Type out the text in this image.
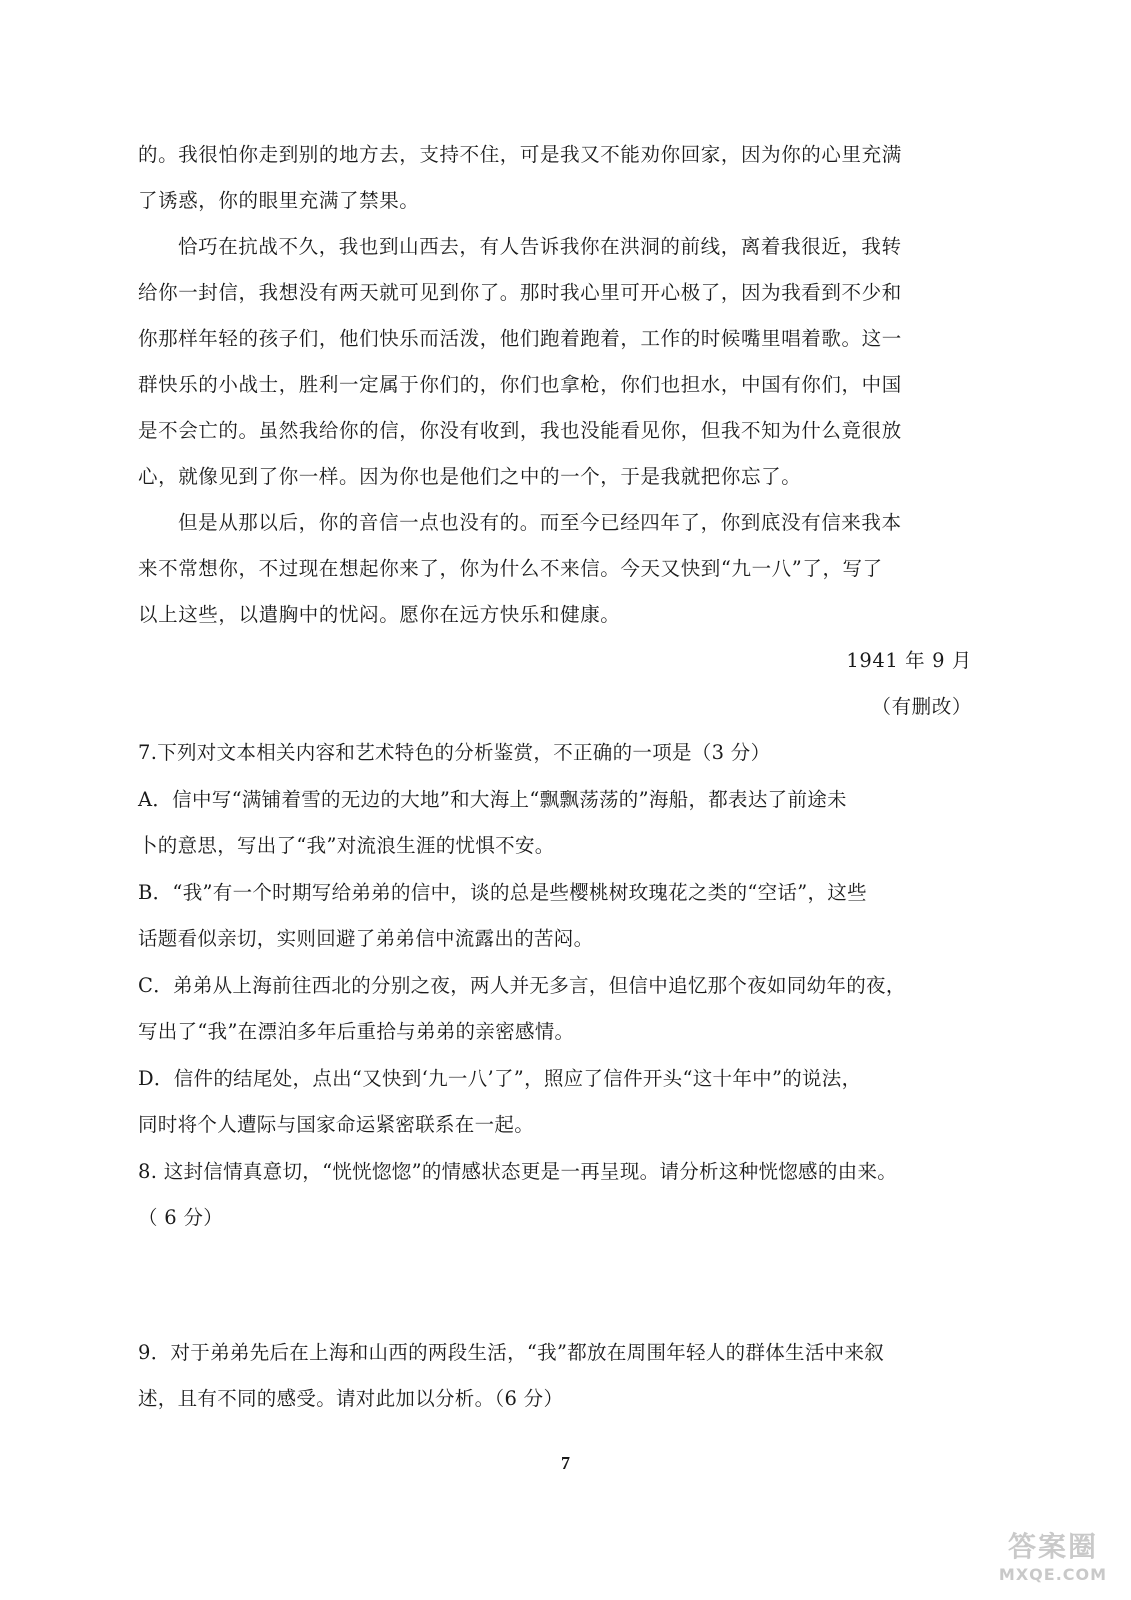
的。我很怕你走到别的地方去，支持不住，可是我又不能劝你回家，因为你的心里充满
了诱惑，你的眼里充满了禁果。
恰巧在抗战不久，我也到山西去，有人告诉我你在洪洞的前线，离着我很近，我转
给你一封信，我想没有两天就可见到你了。那时我心里可开心极了，因为我看到不少和
你那样年轻的孩子们，他们快乐而活泼，他们跑着跑着，工作的时候嘴里唱着歌。这一
群快乐的小战士，胜利一定属于你们的，你们也拿枪，你们也担水，中国有你们，中国
是不会亡的。虽然我给你的信，你没有收到，我也没能看见你，但我不知为什么竟很放
心，就像见到了你一样。因为你也是他们之中的一个，于是我就把你忘了。
但是从那以后，你的音信一点也没有的。而至今已经四年了，你到底没有信来我本
来不常想你，不过现在想起你来了，你为什么不来信。今天又快到“九一八”了，写了
以上这些，以遣胸中的忧闷。愿你在远方快乐和健康。
1941 年 9 月
（有删改）
7.下列对文本相关内容和艺术特色的分析鉴赏，不正确的一项是（3 分）
A．信中写“满铺着雪的无边的大地”和大海上“飘飘荡荡的”海船，都表达了前途未
卜的意思，写出了“我”对流浪生涯的忧惧不安。
B．“我”有一个时期写给弟弟的信中，谈的总是些樱桃树玫瑰花之类的“空话”，这些
话题看似亲切，实则回避了弟弟信中流露出的苦闷。
C．弟弟从上海前往西北的分别之夜，两人并无多言，但信中追忆那个夜如同幼年的夜，
写出了“我”在漂泊多年后重拾与弟弟的亲密感情。
D．信件的结尾处，点出“又快到‘九一八’了”，照应了信件开头“这十年中”的说法，
同时将个人遭际与国家命运紧密联系在一起。
8. 这封信情真意切，“恍恍惚惚”的情感状态更是一再呈现。请分析这种恍惚感的由来。
（ 6 分）
9．对于弟弟先后在上海和山西的两段生活，“我”都放在周围年轻人的群体生活中来叙
述，且有不同的感受。请对此加以分析。（6 分）
7
答案圈
MXQE.COM
